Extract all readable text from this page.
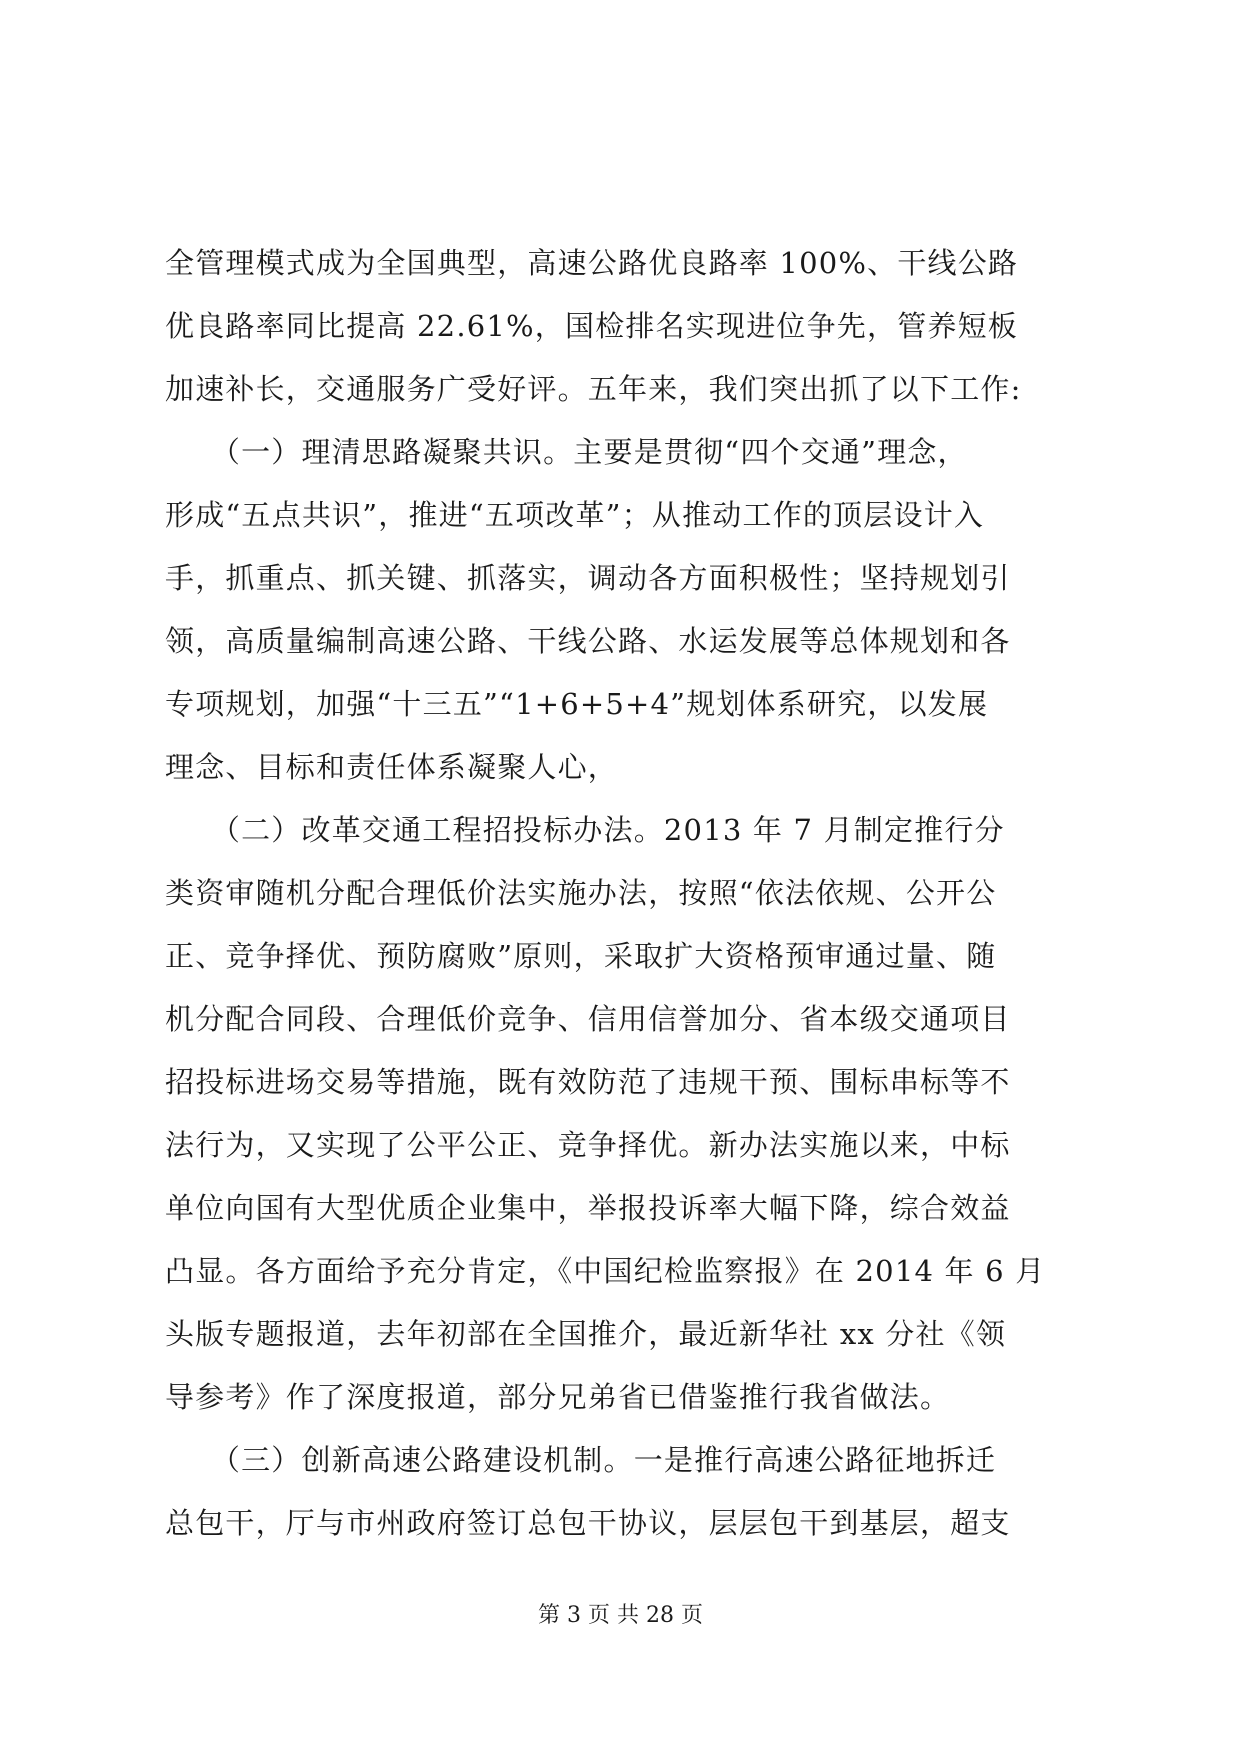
全管理模式成为全国典型，高速公路优良路率 100%、干线公路
优良路率同比提高 22.61%，国检排名实现进位争先，管养短板
加速补长，交通服务广受好评。五年来，我们突出抓了以下工作:
　　（一）理清思路凝聚共识。主要是贯彻“四个交通”理念，
形成“五点共识”，推进“五项改革”；从推动工作的顶层设计入
手，抓重点、抓关键、抓落实，调动各方面积极性；坚持规划引
领，高质量编制高速公路、干线公路、水运发展等总体规划和各
专项规划，加强“十三五”“1+6+5+4”规划体系研究，以发展
理念、目标和责任体系凝聚人心，
　　（二）改革交通工程招投标办法。2013 年 7 月制定推行分
类资审随机分配合理低价法实施办法，按照“依法依规、公开公
正、竞争择优、预防腐败”原则，采取扩大资格预审通过量、随
机分配合同段、合理低价竞争、信用信誉加分、省本级交通项目
招投标进场交易等措施，既有效防范了违规干预、围标串标等不
法行为，又实现了公平公正、竞争择优。新办法实施以来，中标
单位向国有大型优质企业集中，举报投诉率大幅下降，综合效益
凸显。各方面给予充分肯定，《中国纪检监察报》在 2014 年 6 月
头版专题报道，去年初部在全国推介，最近新华社 xx 分社《领
导参考》作了深度报道，部分兄弟省已借鉴推行我省做法。
　　（三）创新高速公路建设机制。一是推行高速公路征地拆迁
总包干，厅与市州政府签订总包干协议，层层包干到基层，超支
第 3 页 共 28 页
